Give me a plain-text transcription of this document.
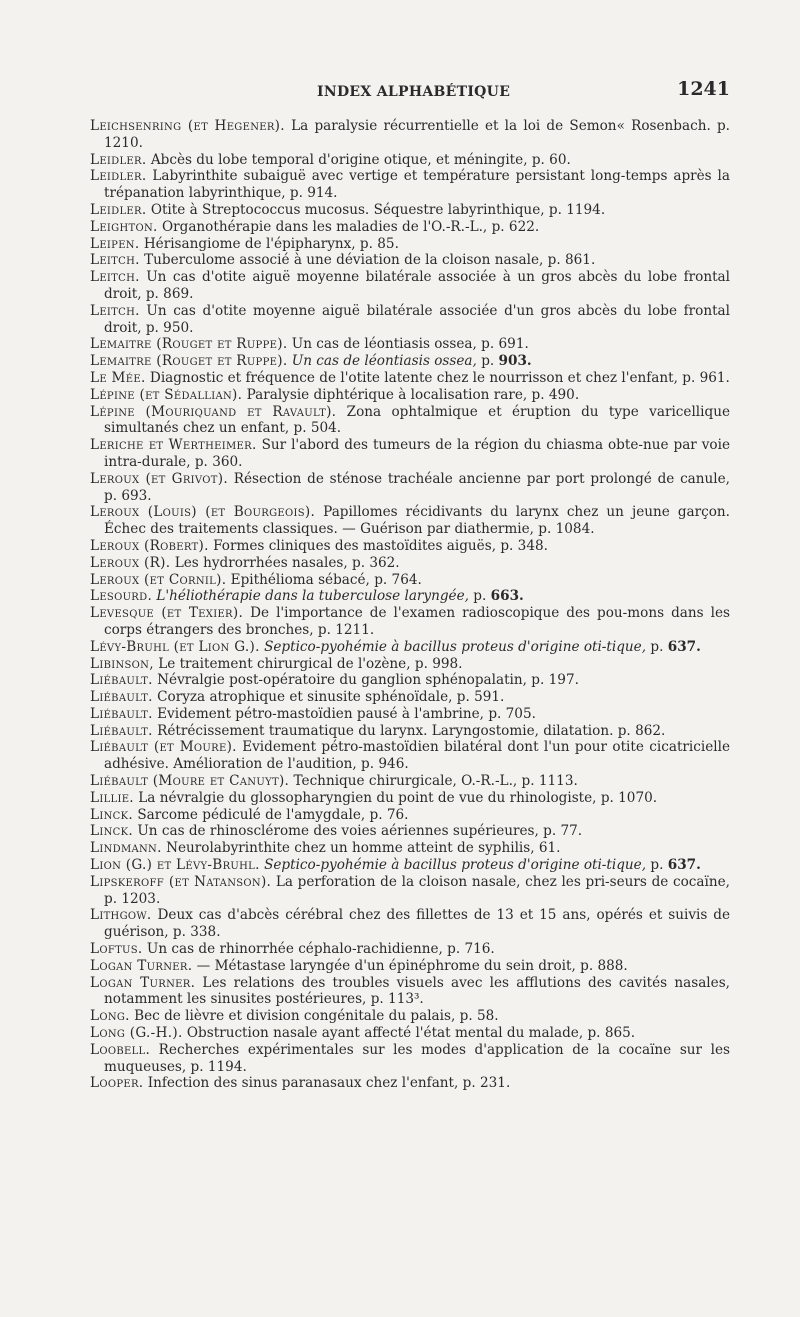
INDEX ALPHABÉTIQUE	1241

Leichsenring (et Hegener). La paralysie récurrentielle et la loi de Semon« Rosenbach. p. 1210.

Leidler. Abcès du lobe temporal d'origine otique, et méningite, p. 60.

Leidler. Labyrinthite subaiguë avec vertige et température persistant long-temps après la trépanation labyrinthique, p. 914.

Leidler. Otite à Streptococcus mucosus. Séquestre labyrinthique, p. 1194.

Leighton. Organothérapie dans les maladies de l'O.-R.-L., p. 622.

Leipen. Hérisangiome de l'épipharynx, p. 85.

Leitch. Tuberculome associé à une déviation de la cloison nasale, p. 861.

Leitch. Un cas d'otite aiguë moyenne bilatérale associée à un gros abcès du lobe frontal droit, p. 869.

Leitch. Un cas d'otite moyenne aiguë bilatérale associée d'un gros abcès du lobe frontal droit, p. 950.

Lemaitre (Rouget et Ruppe). Un cas de léontiasis ossea, p. 691.

Lemaitre (Rouget et Ruppe). Un cas de léontiasis ossea, p. 903.

Le Mée. Diagnostic et fréquence de l'otite latente chez le nourrisson et chez l'enfant, p. 961.

Lépine (et Sédallian). Paralysie diphtérique à localisation rare, p. 490.

Lépine (Mouriquand et Ravault). Zona ophtalmique et éruption du type varicellique simultanés chez un enfant, p. 504.

Leriche et Wertheimer. Sur l'abord des tumeurs de la région du chiasma obte-nue par voie intra-durale, p. 360.

Leroux (et Grivot). Résection de sténose trachéale ancienne par port prolongé de canule, p. 693.

Leroux (Louis) (et Bourgeois). Papillomes récidivants du larynx chez un jeune garçon. Échec des traitements classiques. — Guérison par diathermie, p. 1084.

Leroux (Robert). Formes cliniques des mastoïdites aiguës, p. 348.

Leroux (R). Les hydrorrhées nasales, p. 362.

Leroux (et Cornil). Epithélioma sébacé, p. 764.

Lesourd. L'héliothérapie dans la tuberculose laryngée, p. 663.

Levesque (et Texier). De l'importance de l'examen radioscopique des pou-mons dans les corps étrangers des bronches, p. 1211.

Lévy-Bruhl (et Lion G.). Septico-pyohémie à bacillus proteus d'origine oti-tique, p. 637.

Libinson, Le traitement chirurgical de l'ozène, p. 998.

Liébault. Névralgie post-opératoire du ganglion sphénopalatin, p. 197.

Liébault. Coryza atrophique et sinusite sphénoïdale, p. 591.

Liébault. Evidement pétro-mastoïdien pausé à l'ambrine, p. 705.

Liébault. Rétrécissement traumatique du larynx. Laryngostomie, dilatation. p. 862.

Liébault (et Moure). Evidement pétro-mastoïdien bilatéral dont l'un pour otite cicatricielle adhésive. Amélioration de l'audition, p. 946.

Liébault (Moure et Canuyt). Technique chirurgicale, O.-R.-L., p. 1113.

Lillie. La névralgie du glossopharyngien du point de vue du rhinologiste, p. 1070.

Linck. Sarcome pédiculé de l'amygdale, p. 76.

Linck. Un cas de rhinosclérome des voies aériennes supérieures, p. 77.

Lindmann. Neurolabyrinthite chez un homme atteint de syphilis, 61.

Lion (G.) et Lévy-Bruhl. Septico-pyohémie à bacillus proteus d'origine oti-tique, p. 637.

Lipskeroff (et Natanson). La perforation de la cloison nasale, chez les pri-seurs de cocaïne, p. 1203.

Lithgow. Deux cas d'abcès cérébral chez des fillettes de 13 et 15 ans, opérés et suivis de guérison, p. 338.

Loftus. Un cas de rhinorrhée céphalo-rachidienne, p. 716.

Logan Turner. — Métastase laryngée d'un épinéphrome du sein droit, p. 888.

Logan Turner. Les relations des troubles visuels avec les afflutions des cavités nasales, notamment les sinusites postérieures, p. 113³.

Long. Bec de lièvre et division congénitale du palais, p. 58.

Long (G.-H.). Obstruction nasale ayant affecté l'état mental du malade, p. 865.

Loobell. Recherches expérimentales sur les modes d'application de la cocaïne sur les muqueuses, p. 1194.

Looper. Infection des sinus paranasaux chez l'enfant, p. 231.
